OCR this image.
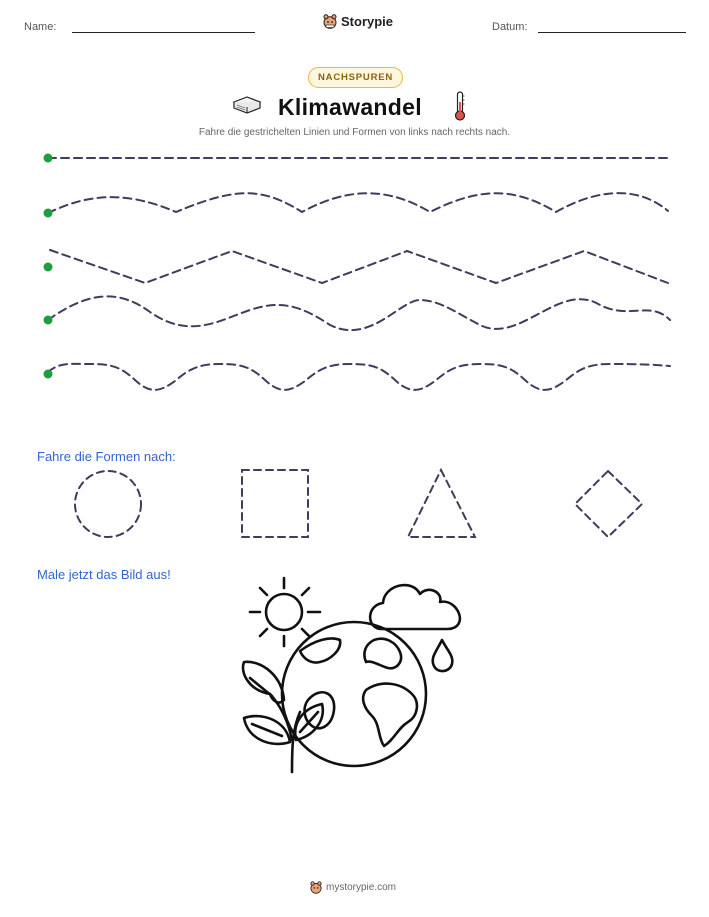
Name:	Storypie	Datum:
NACHSPUREN
Klimawandel
Fahre die gestrichelten Linien und Formen von links nach rechts nach.
Fahre die Formen nach:
Male jetzt das Bild aus!
mystorypie.com
